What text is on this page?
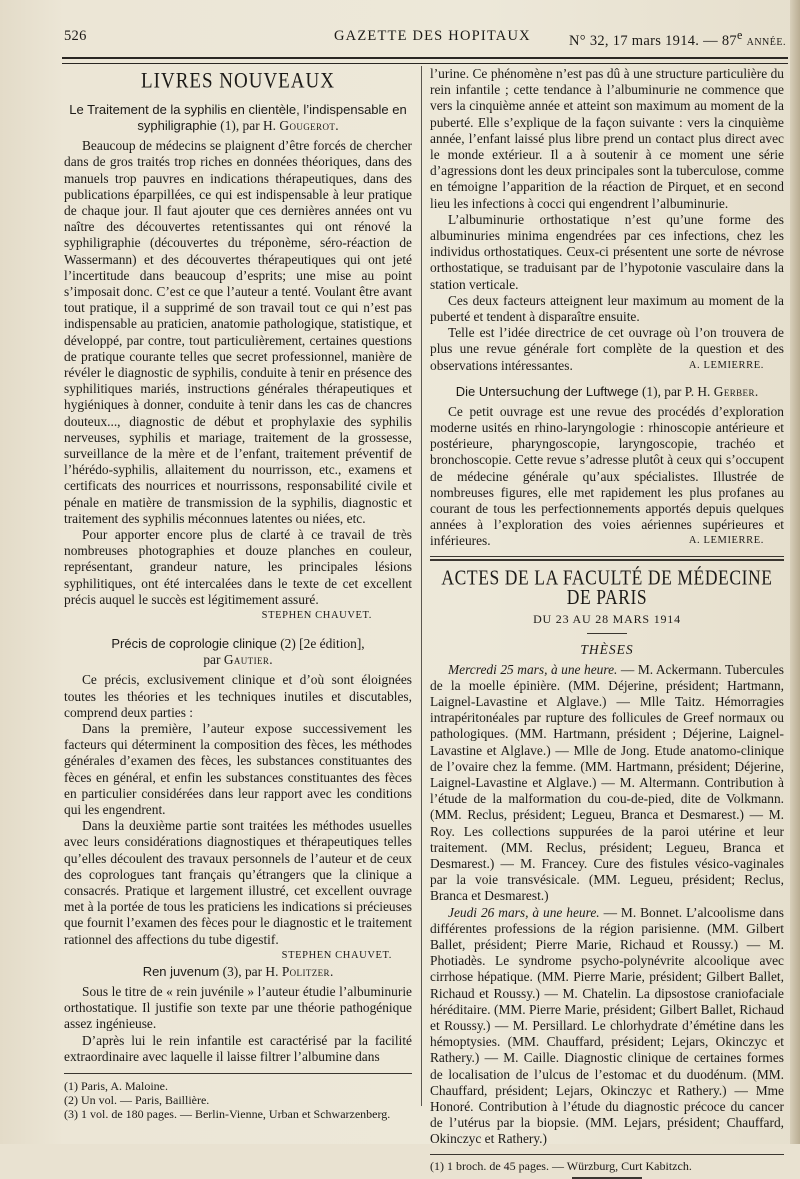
526	GAZETTE DES HOPITAUX	N° 32, 17 mars 1914. — 87e ANNÉE.
LIVRES NOUVEAUX
Le Traitement de la syphilis en clientèle, l’indispensable en syphiligraphie (1), par H. Gougerot.

Beaucoup de médecins se plaignent d’être forcés de chercher dans de gros traités trop riches en données théoriques, dans des manuels trop pauvres en indications thérapeutiques, dans des publications éparpillées, ce qui est indispensable à leur pratique de chaque jour. Il faut ajouter que ces dernières années ont vu naître des découvertes retentissantes qui ont rénové la syphiligraphie (découvertes du tréponème, séro-réaction de Wassermann) et des découvertes thérapeutiques qui ont jeté l’incertitude dans beaucoup d’esprits; une mise au point s’imposait donc. C’est ce que l’auteur a tenté. Voulant être avant tout pratique, il a supprimé de son travail tout ce qui n’est pas indispensable au praticien, anatomie pathologique, statistique, et développé, par contre, tout particulièrement, certaines questions de pratique courante telles que secret professionnel, manière de révéler le diagnostic de syphilis, conduite à tenir en présence des syphilitiques mariés, instructions générales thérapeutiques et hygiéniques à donner, conduite à tenir dans les cas de chancres douteux..., diagnostic de début et prophylaxie des syphilis nerveuses, syphilis et mariage, traitement de la grossesse, surveillance de la mère et de l’enfant, traitement préventif de l’hérédo-syphilis, allaitement du nourrisson, etc., examens et certificats des nourrices et nourrissons, responsabilité civile et pénale en matière de transmission de la syphilis, diagnostic et traitement des syphilis méconnues latentes ou niées, etc.

Pour apporter encore plus de clarté à ce travail de très nombreuses photographies et douze planches en couleur, représentant, grandeur nature, les principales lésions syphilitiques, ont été intercalées dans le texte de cet excellent précis auquel le succès est légitimement assuré.

STEPHEN CHAUVET.
Précis de coprologie clinique (2) [2e édition],
par Gautier.

Ce précis, exclusivement clinique et d’où sont éloignées toutes les théories et les techniques inutiles et discutables, comprend deux parties :

Dans la première, l’auteur expose successivement les facteurs qui déterminent la composition des fèces, les méthodes générales d’examen des fèces, les substances constituantes des fèces en général, et enfin les substances constituantes des fèces en particulier considérées dans leur rapport avec les conditions qui les engendrent.

Dans la deuxième partie sont traitées les méthodes usuelles avec leurs considérations diagnostiques et thérapeutiques telles qu’elles découlent des travaux personnels de l’auteur et de ceux des coprologues tant français qu’étrangers que la clinique a consacrés. Pratique et largement illustré, cet excellent ouvrage met à la portée de tous les praticiens les indications si précieuses que fournit l’examen des fèces pour le diagnostic et le traitement rationnel des affections du tube digestif.
STEPHEN CHAUVET.

Ren juvenum (3), par H. Politzer.

Sous le titre de « rein juvénile » l’auteur étudie l’albuminurie orthostatique. Il justifie son texte par une théorie pathogénique assez ingénieuse.

D’après lui le rein infantile est caractérisé par la facilité extraordinaire avec laquelle il laisse filtrer l’albumine dans

(1) Paris, A. Maloine.
(2) Un vol. — Paris, Baillière.
(3) 1 vol. de 180 pages. — Berlin-Vienne, Urban et Schwarzenberg.

l’urine. Ce phénomène n’est pas dû à une structure particulière du rein infantile ; cette tendance à l’albuminurie ne commence que vers la cinquième année et atteint son maximum au moment de la puberté. Elle s’explique de la façon suivante : vers la cinquième année, l’enfant laissé plus libre prend un contact plus direct avec le monde extérieur. Il a à soutenir à ce moment une série d’agressions dont les deux principales sont la tuberculose, comme en témoigne l’apparition de la réaction de Pirquet, et en second lieu les infections à cocci qui engendrent l’albuminurie.

L’albuminurie orthostatique n’est qu’une forme des albuminuries minima engendrées par ces infections, chez les individus orthostatiques. Ceux-ci présentent une sorte de névrose orthostatique, se traduisant par de l’hypotonie vasculaire dans la station verticale.

Ces deux facteurs atteignent leur maximum au moment de la puberté et tendent à disparaître ensuite.

Telle est l’idée directrice de cet ouvrage où l’on trouvera de plus une revue générale fort complète de la question et des observations intéressantes.	A. LEMIERRE.

Die Untersuchung der Luftwege (1), par P. H. Gerber.

Ce petit ouvrage est une revue des procédés d’exploration moderne usités en rhino-laryngologie : rhinoscopie antérieure et postérieure, pharyngoscopie, laryngoscopie, trachéo et bronchoscopie. Cette revue s’adresse plutôt à ceux qui s’occupent de médecine générale qu’aux spécialistes. Illustrée de nombreuses figures, elle met rapidement les plus profanes au courant de tous les perfectionnements apportés depuis quelques années à l’exploration des voies aériennes supérieures et inférieures.	A. LEMIERRE.

ACTES DE LA FACULTÉ DE MÉDECINE DE PARIS
DU 23 AU 28 MARS 1914
THÈSES

Mercredi 25 mars, à une heure. — M. Ackermann. Tubercules de la moelle épinière. (MM. Déjerine, président; Hartmann, Laignel-Lavastine et Alglave.) — Mlle Taitz. Hémorragies intrapéritonéales par rupture des follicules de Greef normaux ou pathologiques. (MM. Hartmann, président ; Déjerine, Laignel-Lavastine et Alglave.) — Mlle de Jong. Etude anatomo-clinique de l’ovaire chez la femme. (MM. Hartmann, président; Déjerine, Laignel-Lavastine et Alglave.) — M. Altermann. Contribution à l’étude de la malformation du cou-de-pied, dite de Volkmann. (MM. Reclus, président; Legueu, Branca et Desmarest.) — M. Roy. Les collections suppurées de la paroi utérine et leur traitement. (MM. Reclus, président; Legueu, Branca et Desmarest.) — M. Francey. Cure des fistules vésico-vaginales par la voie transvésicale. (MM. Legueu, président; Reclus, Branca et Desmarest.)

Jeudi 26 mars, à une heure. — M. Bonnet. L’alcoolisme dans différentes professions de la région parisienne. (MM. Gilbert Ballet, président; Pierre Marie, Richaud et Roussy.) — M. Photiadès. Le syndrome psycho-polynévrite alcoolique avec cirrhose hépatique. (MM. Pierre Marie, président; Gilbert Ballet, Richaud et Roussy.) — M. Chatelin. La dipsostose craniofaciale héréditaire. (MM. Pierre Marie, président; Gilbert Ballet, Richaud et Roussy.) — M. Persillard. Le chlorhydrate d’émétine dans les hémoptysies. (MM. Chauffard, président; Lejars, Okinczyc et Rathery.) — M. Caille. Diagnostic clinique de certaines formes de localisation de l’ulcus de l’estomac et du duodénum. (MM. Chauffard, président; Lejars, Okinczyc et Rathery.) — Mme Honoré. Contribution à l’étude du diagnostic précoce du cancer de l’utérus par la biopsie. (MM. Lejars, président; Chauffard, Okinczyc et Rathery.)

(1) 1 broch. de 45 pages. — Würzburg, Curt Kabitzch.
